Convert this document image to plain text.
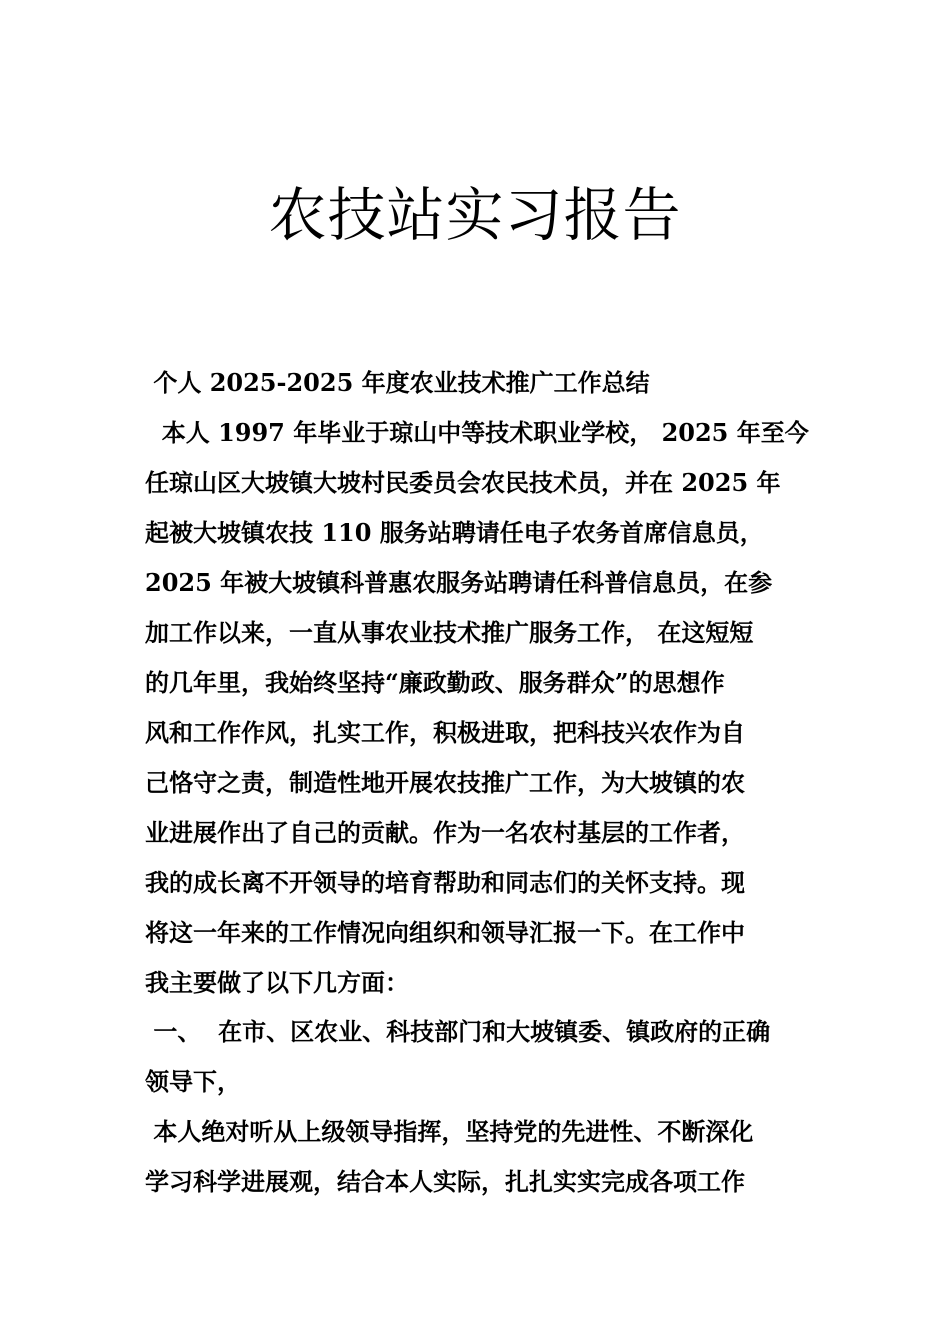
农技站实习报告
个人 2025-2025 年度农业技术推广工作总结
本人 1997 年毕业于琼山中等技术职业学校， 2025 年至今
任琼山区大坡镇大坡村民委员会农民技术员，并在 2025 年
起被大坡镇农技 110 服务站聘请任电子农务首席信息员，
2025 年被大坡镇科普惠农服务站聘请任科普信息员，在参
加工作以来，一直从事农业技术推广服务工作， 在这短短
的几年里，我始终坚持“廉政勤政、服务群众”的思想作
风和工作作风，扎实工作，积极进取，把科技兴农作为自
己恪守之责，制造性地开展农技推广工作，为大坡镇的农
业进展作出了自己的贡献。作为一名农村基层的工作者，
我的成长离不开领导的培育帮助和同志们的关怀支持。现
将这一年来的工作情况向组织和领导汇报一下。在工作中
我主要做了以下几方面：
一、  在市、区农业、科技部门和大坡镇委、镇政府的正确
领导下，
本人绝对听从上级领导指挥，坚持党的先进性、不断深化
学习科学进展观，结合本人实际，扎扎实实完成各项工作
